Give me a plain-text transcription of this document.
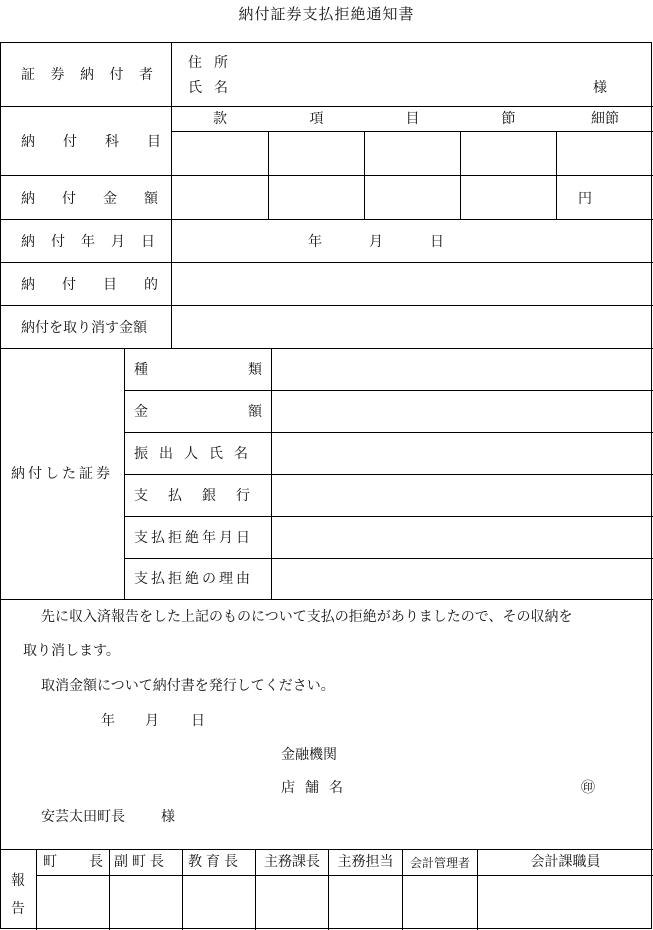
納付証券支払拒絶通知書
証 券 納 付 者
住所
氏名	様
納付科目
款	項	目	節	細節
納付金額	円
納付年月日	年	月	日
納付目的
納付を取り消す金額
納付した証券
種	類
金	額
振出人氏名
支払銀行
支払拒絶年月日
支払拒絶の理由
先に収入済報告をした上記のものについて支払の拒絶がありましたので、その収納を
取り消します。
取消金額について納付書を発行してください。
年 月 日
金融機関
店舗名	㊞
安芸太田町長	様
報告
町 長 副町長 教育長	主務課長	主務担当	会計管理者	会計課職員
